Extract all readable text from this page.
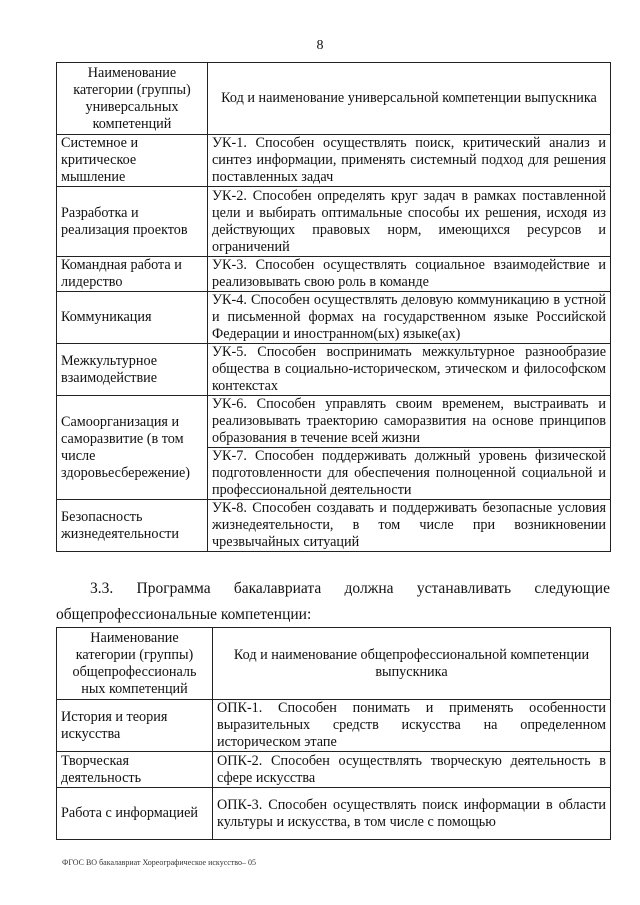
8
Наименование категории (группы) универсальных компетенций	Код и наименование универсальной компетенции выпускника
Системное и критическое мышление	УК-1. Способен осуществлять поиск, критический анализ и синтез информации, применять системный подход для решения поставленных задач

Разработка и реализация проектов	УК-2. Способен определять круг задач в рамках поставленной цели и выбирать оптимальные способы их решения, исходя из действующих правовых норм, имеющихся ресурсов и ограничений

Командная работа и лидерство	УК-3. Способен осуществлять социальное взаимодействие и реализовывать свою роль в команде

Коммуникация	УК-4. Способен осуществлять деловую коммуникацию в устной и письменной формах на государственном языке Российской Федерации и иностранном(ых) языке(ах)

Межкультурное взаимодействие	УК-5. Способен воспринимать межкультурное разнообразие общества в социально-историческом, этическом и философском контекстах

Самоорганизация и саморазвитие (в том числе здоровьесбережение)	УК-6. Способен управлять своим временем, выстраивать и реализовывать траекторию саморазвития на основе принципов образования в течение всей жизни
УК-7. Способен поддерживать должный уровень физической подготовленности для обеспечения полноценной социальной и профессиональной деятельности

Безопасность жизнедеятельности	УК-8. Способен создавать и поддерживать безопасные условия жизнедеятельности, в том числе при возникновении чрезвычайных ситуаций
3.3. Программа бакалавриата должна устанавливать следующие
общепрофессиональные компетенции:
Наименование категории (группы) общепрофессиональ ных компетенций	Код и наименование общепрофессиональной компетенции выпускника
История и теория искусства	ОПК-1. Способен понимать и применять особенности выразительных средств искусства на определенном историческом этапе

Творческая деятельность	ОПК-2. Способен осуществлять творческую деятельность в сфере искусства

Работа с информацией	ОПК-3. Способен осуществлять поиск информации в области культуры и искусства, в том числе с помощью
ФГОС ВО бакалавриат Хореографическое искусство– 05
